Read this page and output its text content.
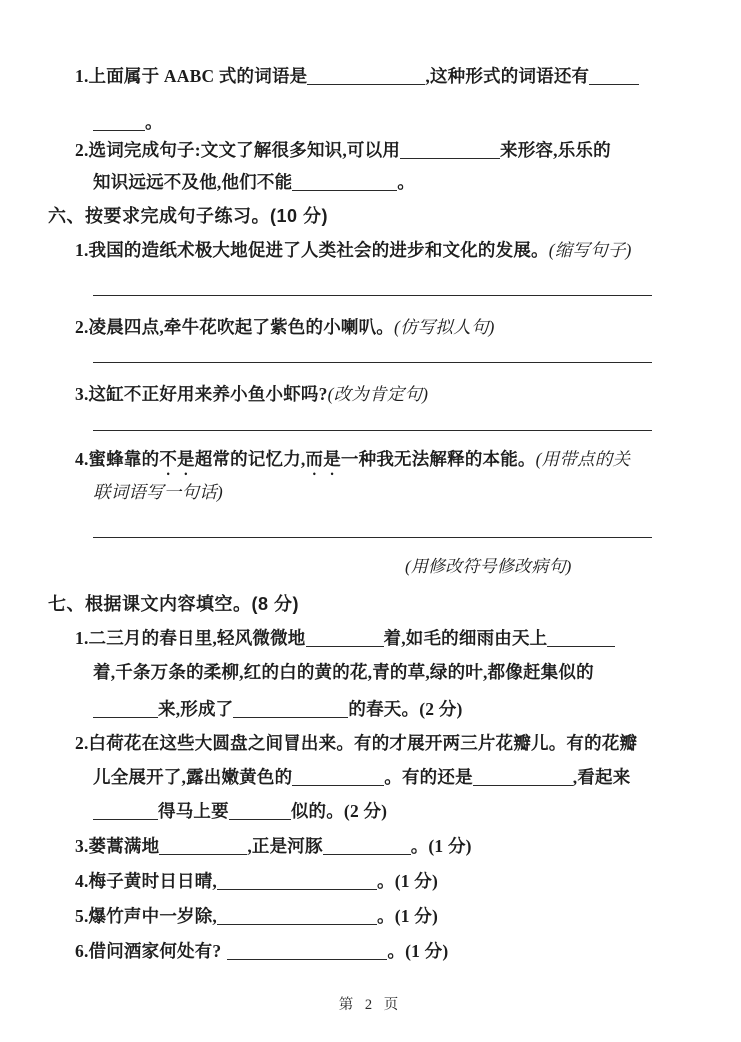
1.上面属于 AABC 式的词语是	,这种形式的词语还有
。
2.选词完成句子:文文了解很多知识,可以用	来形容,乐乐的
知识远远不及他,他们不能	。
六、按要求完成句子练习。(10 分)
1.我国的造纸术极大地促进了人类社会的进步和文化的发展。(缩写句子)
2.凌晨四点,牵牛花吹起了紫色的小喇叭。(仿写拟人句)
3.这缸不正好用来养小鱼小虾吗?(改为肯定句)
4.蜜蜂靠的不是超常的记忆力,而是一种我无法解释的本能。(用带点的关
联词语写一句话)
(用修改符号修改病句)
七、根据课文内容填空。(8 分)
1.二三月的春日里,轻风微微地	着,如毛的细雨由天上
着,千条万条的柔柳,红的白的黄的花,青的草,绿的叶,都像赶集似的
来,形成了	的春天。(2 分)
2.白荷花在这些大圆盘之间冒出来。有的才展开两三片花瓣儿。有的花瓣
儿全展开了,露出嫩黄色的	。有的还是	,看起来
得马上要	似的。(2 分)
3.蒌蒿满地	,正是河豚	。(1 分)
4.梅子黄时日日晴,	。(1 分)
5.爆竹声中一岁除,	。(1 分)
6.借问酒家何处有?	。(1 分)
第 2 页
